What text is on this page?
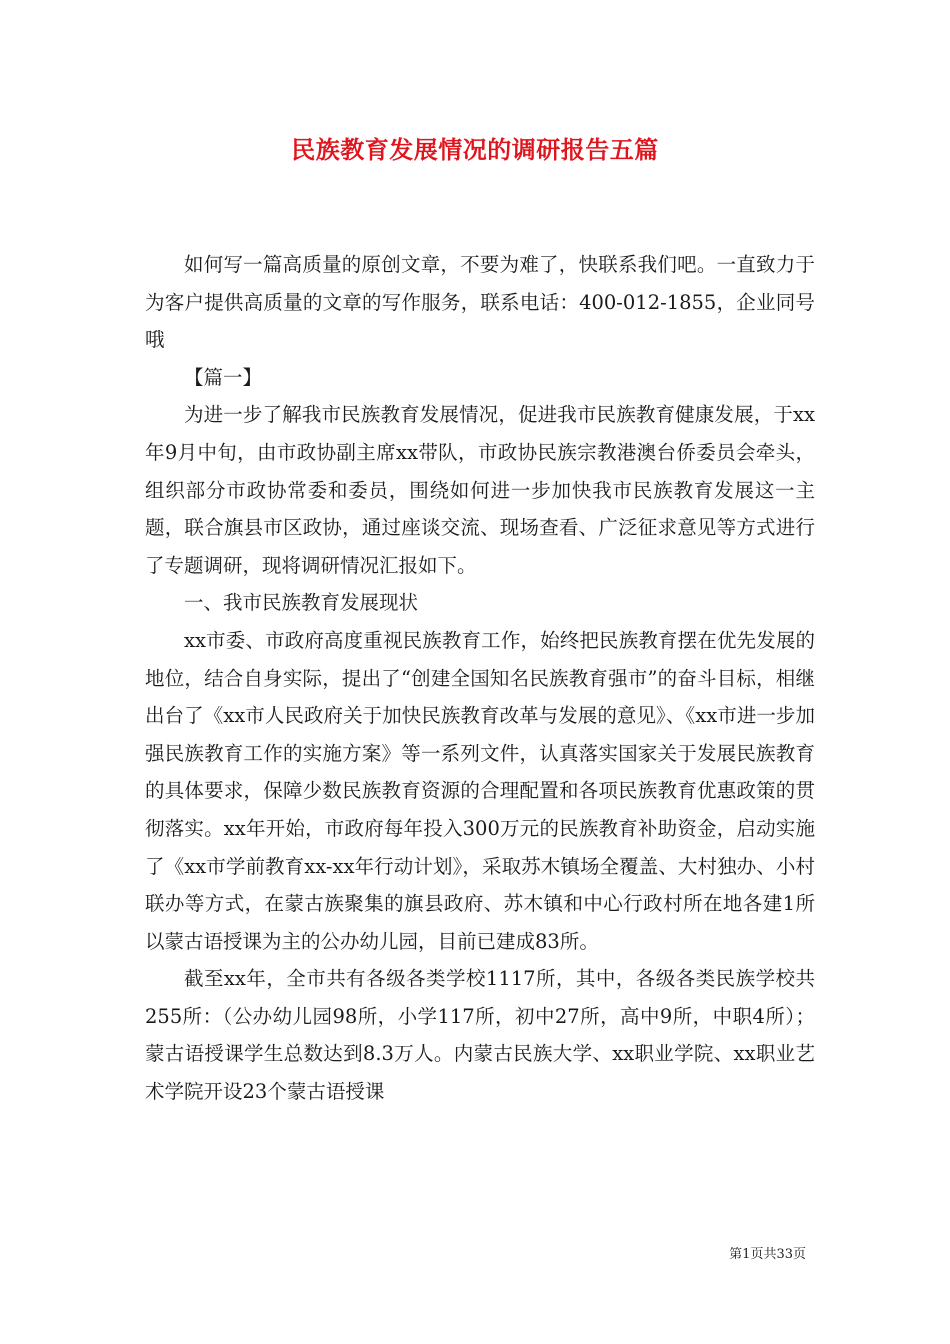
民族教育发展情况的调研报告五篇

如何写一篇高质量的原创文章，不要为难了，快联系我们吧。一直致力于为客户提供高质量的文章的写作服务，联系电话：400-012-1855，企业同号哦

【篇一】

为进一步了解我市民族教育发展情况，促进我市民族教育健康发展，于xx年9月中旬，由市政协副主席xx带队，市政协民族宗教港澳台侨委员会牵头，组织部分市政协常委和委员，围绕如何进一步加快我市民族教育发展这一主题，联合旗县市区政协，通过座谈交流、现场查看、广泛征求意见等方式进行了专题调研，现将调研情况汇报如下。

一、我市民族教育发展现状

xx市委、市政府高度重视民族教育工作，始终把民族教育摆在优先发展的地位，结合自身实际，提出了“创建全国知名民族教育强市”的奋斗目标，相继出台了《xx市人民政府关于加快民族教育改革与发展的意见》、《xx市进一步加强民族教育工作的实施方案》等一系列文件，认真落实国家关于发展民族教育的具体要求，保障少数民族教育资源的合理配置和各项民族教育优惠政策的贯彻落实。xx年开始，市政府每年投入300万元的民族教育补助资金，启动实施了《xx市学前教育xx-xx年行动计划》，采取苏木镇场全覆盖、大村独办、小村联办等方式，在蒙古族聚集的旗县政府、苏木镇和中心行政村所在地各建1所以蒙古语授课为主的公办幼儿园，目前已建成83所。

截至xx年，全市共有各级各类学校1117所，其中，各级各类民族学校共255所：（公办幼儿园98所，小学117所，初中27所，高中9所，中职4所）；蒙古语授课学生总数达到8.3万人。内蒙古民族大学、xx职业学院、xx职业艺术学院开设23个蒙古语授课

第1页共33页
